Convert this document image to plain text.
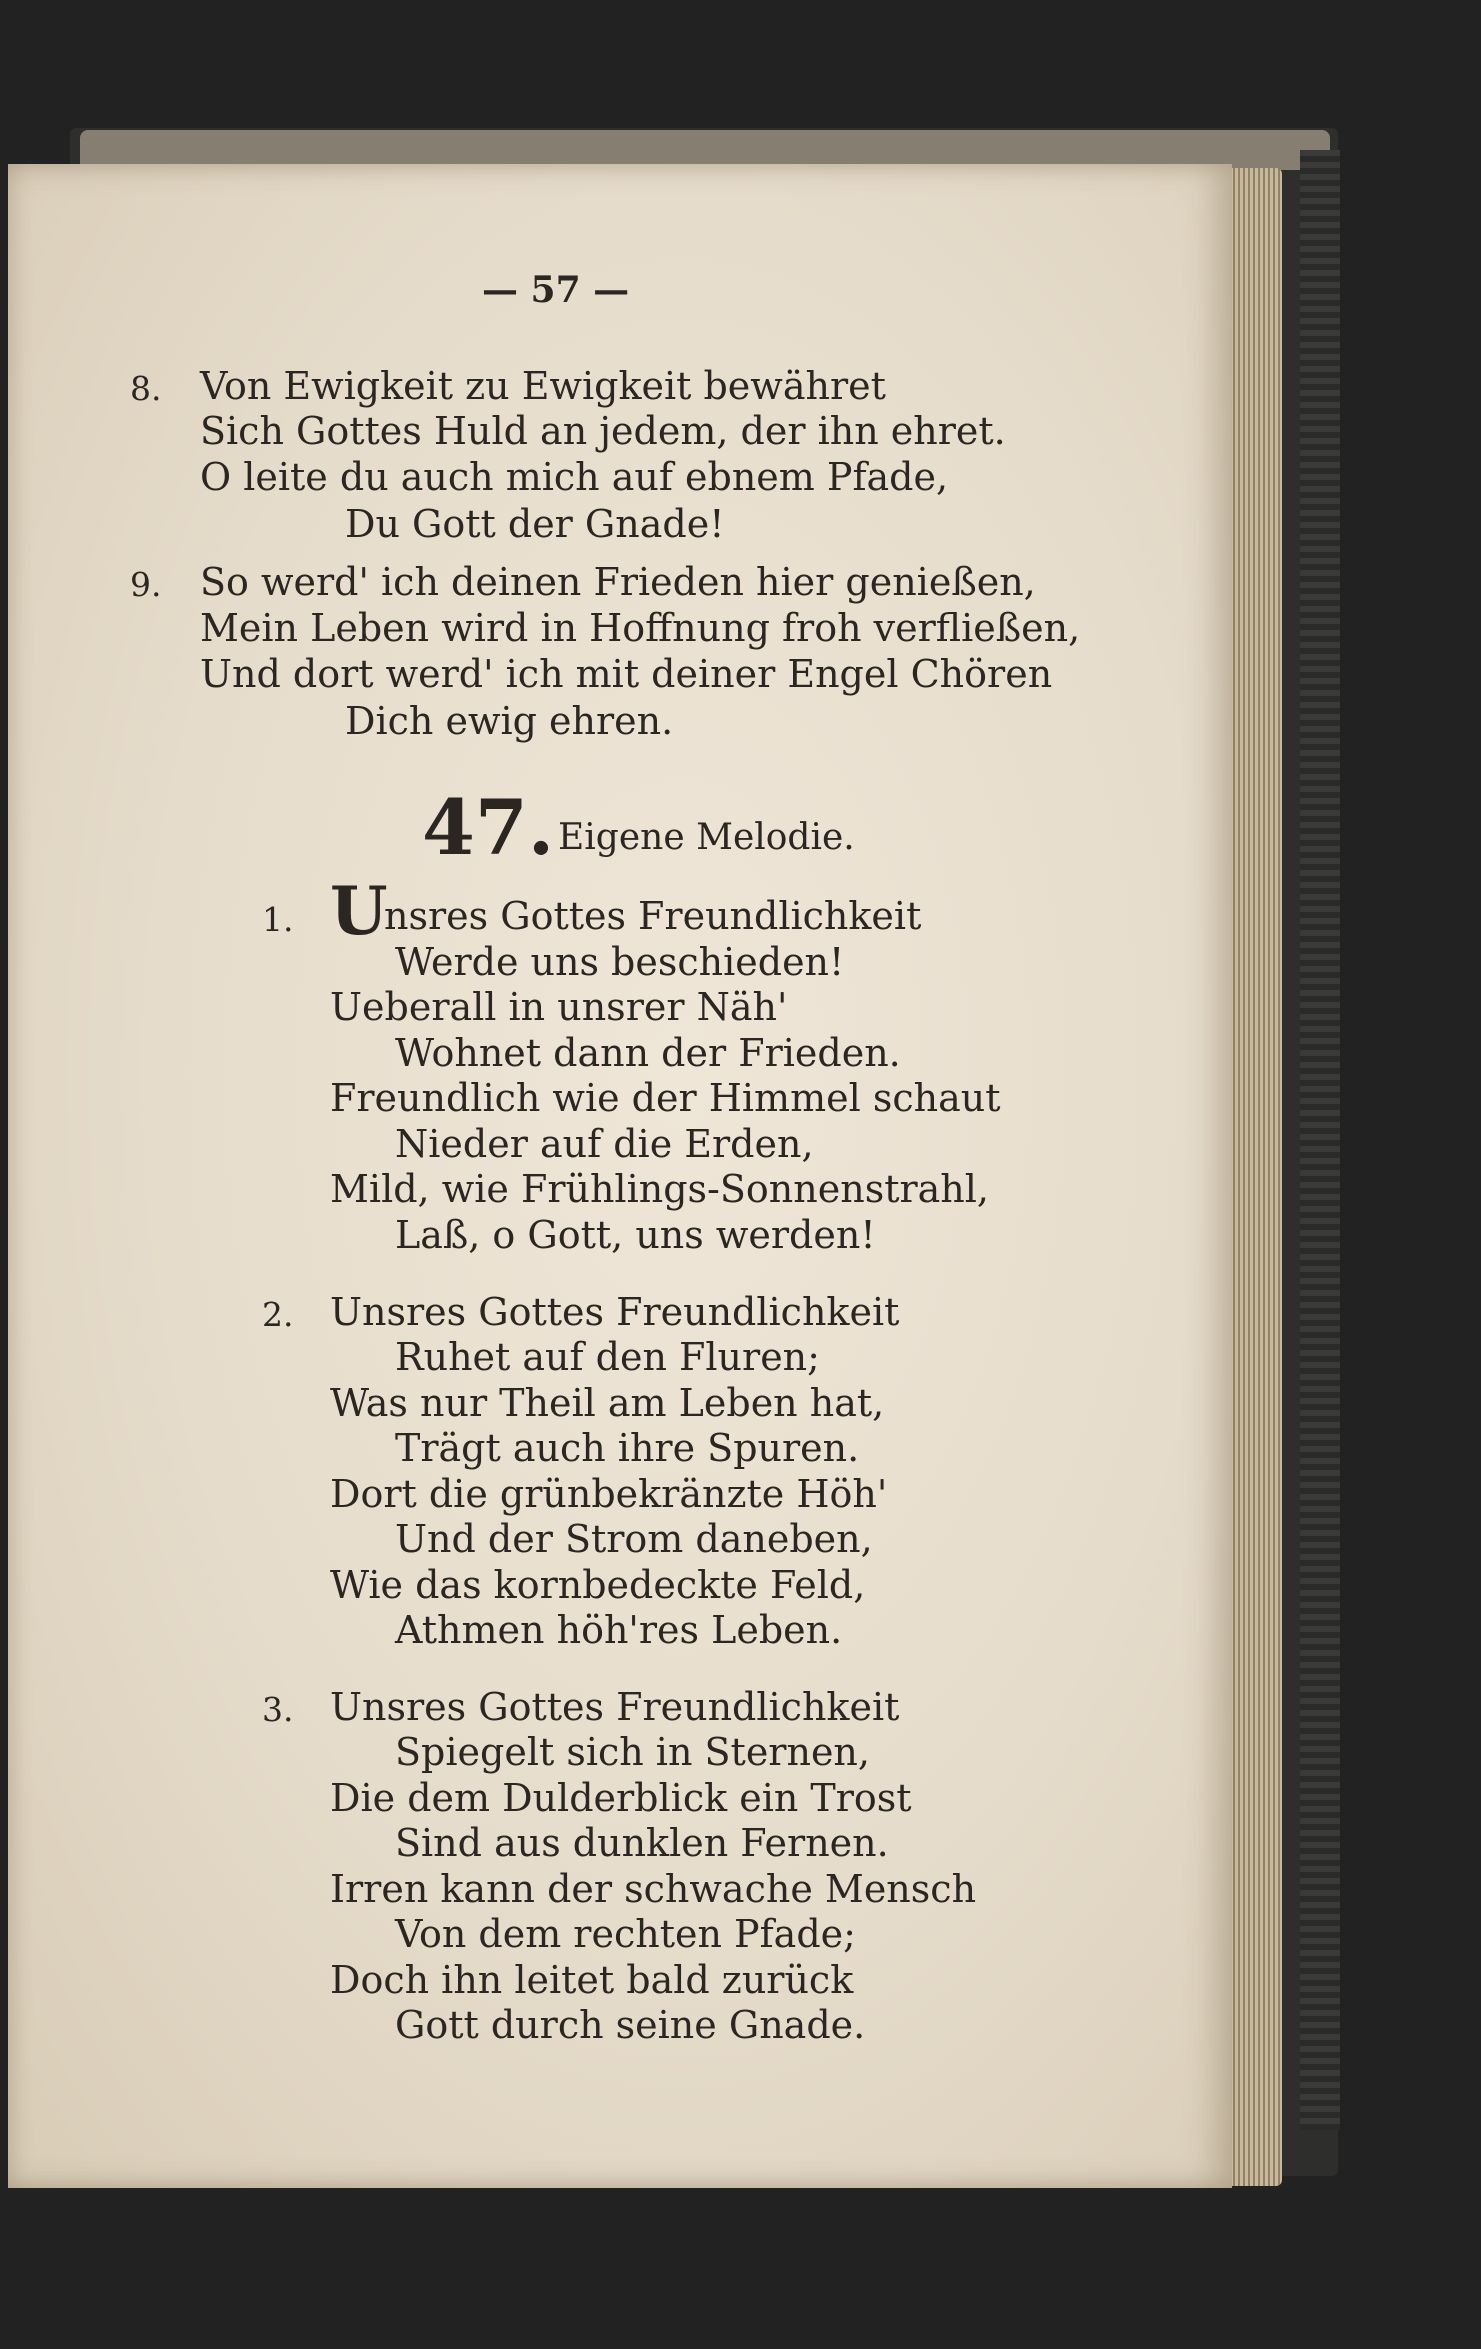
— 57 —
8. Von Ewigkeit zu Ewigkeit bewähret
Sich Gottes Huld an jedem, der ihn ehret.
O leite du auch mich auf ebnem Pfade,
Du Gott der Gnade!
9. So werd' ich deinen Frieden hier genießen,
Mein Leben wird in Hoffnung froh verfließen,
Und dort werd' ich mit deiner Engel Chören
Dich ewig ehren.
47. Eigene Melodie.
1. U
nsres Gottes Freundlichkeit
Werde uns beschieden!
Ueberall in unsrer Näh'
Wohnet dann der Frieden.
Freundlich wie der Himmel schaut
Nieder auf die Erden,
Mild, wie Frühlings-Sonnenstrahl,
Laß, o Gott, uns werden!
2. Unsres Gottes Freundlichkeit
Ruhet auf den Fluren;
Was nur Theil am Leben hat,
Trägt auch ihre Spuren.
Dort die grünbekränzte Höh'
Und der Strom daneben,
Wie das kornbedeckte Feld,
Athmen höh'res Leben.
3. Unsres Gottes Freundlichkeit
Spiegelt sich in Sternen,
Die dem Dulderblick ein Trost
Sind aus dunklen Fernen.
Irren kann der schwache Mensch
Von dem rechten Pfade;
Doch ihn leitet bald zurück
Gott durch seine Gnade.
